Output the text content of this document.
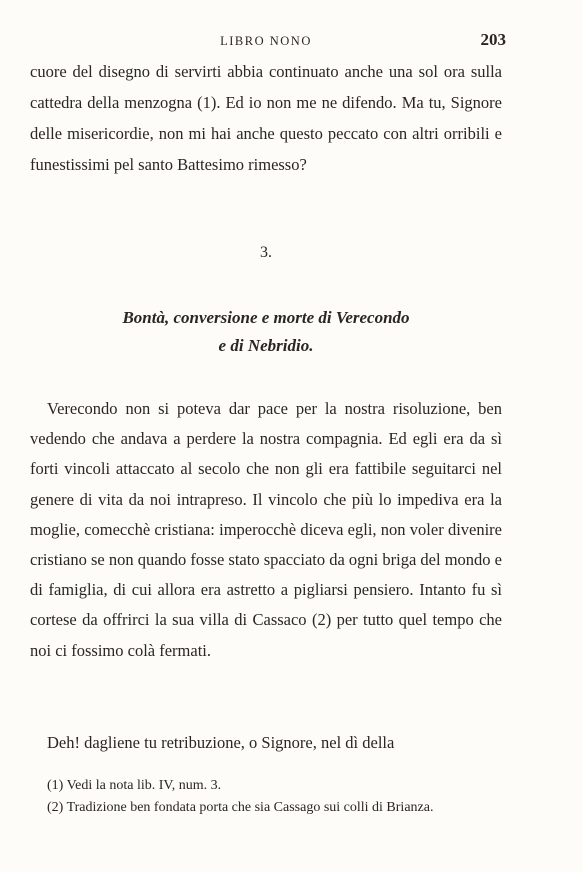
LIBRO NONO	203

cuore del disegno di servirti abbia continuato anche una sol ora sulla cattedra della menzogna (1). Ed io non me ne difendo. Ma tu, Signore delle misericordie, non mi hai anche questo peccato con altri orribili e funestissimi pel santo Battesimo rimesso?

3.

Bontà, conversione e morte di Verecondo
e di Nebridio.

Verecondo non si poteva dar pace per la nostra risoluzione, ben vedendo che andava a perdere la nostra compagnia. Ed egli era da sì forti vincoli attaccato al secolo che non gli era fattibile seguitarci nel genere di vita da noi intrapreso. Il vincolo che più lo impediva era la moglie, comecchè cristiana: imperocchè diceva egli, non voler divenire cristiano se non quando fosse stato spacciato da ogni briga del mondo e di famiglia, di cui allora era astretto a pigliarsi pensiero. Intanto fu sì cortese da offrirci la sua villa di Cassaco (2) per tutto quel tempo che noi ci fossimo colà fermati.

Deh! dagliene tu retribuzione, o Signore, nel dì della

(1) Vedi la nota lib. IV, num. 3.

(2) Tradizione ben fondata porta che sia Cassago sui colli di Brianza.
